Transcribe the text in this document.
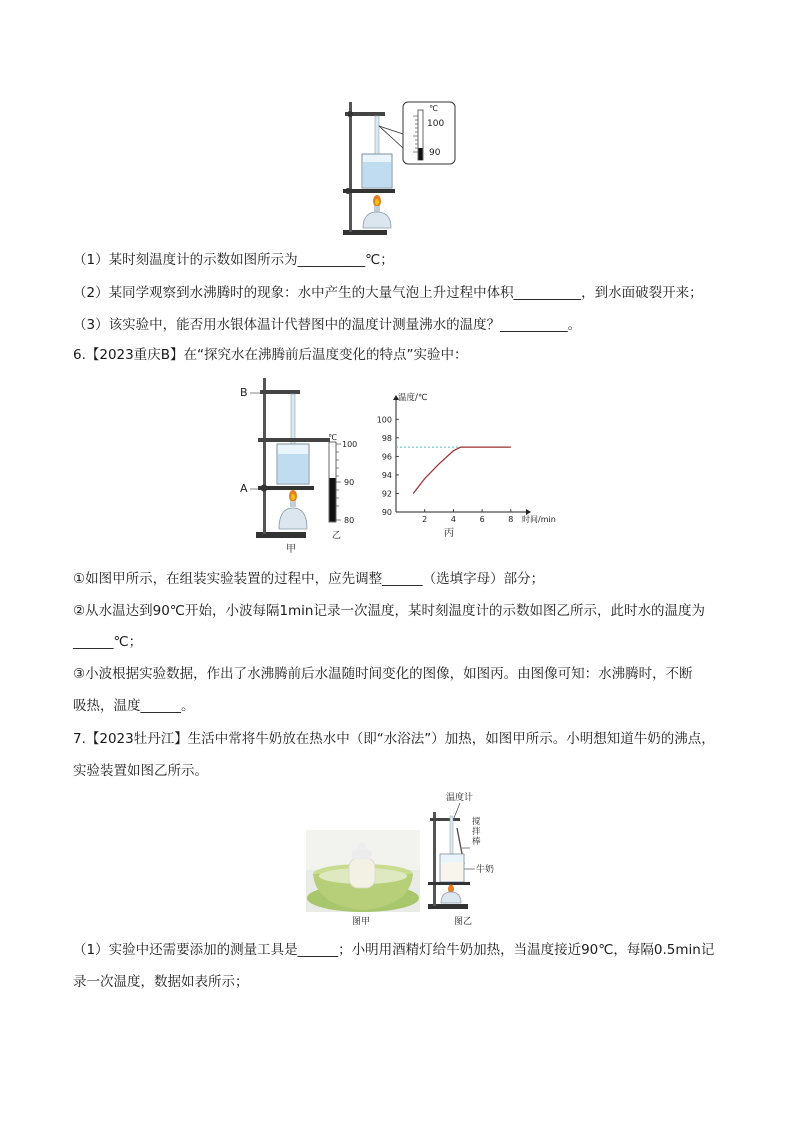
℃
100
90
（1）某时刻温度计的示数如图所示为__________℃；
（2）某同学观察到水沸腾时的现象：水中产生的大量气泡上升过程中体积__________，到水面破裂开来；
（3）该实验中，能否用水银体温计代替图中的温度计测量沸水的温度？__________。
6.【2023重庆B】在“探究水在沸腾前后温度变化的特点”实验中：
B
A
甲
℃
100
90
80
乙
90
92
94
96
98
100
2	4	6	8
温度/℃
时间/min
丙
①如图甲所示，在组装实验装置的过程中，应先调整______（选填字母）部分；
②从水温达到90℃开始，小波每隔1min记录一次温度，某时刻温度计的示数如图乙所示，此时水的温度为
______℃；
③小波根据实验数据，作出了水沸腾前后水温随时间变化的图像，如图丙。由图像可知：水沸腾时，不断
吸热，温度______。
7.【2023牡丹江】生活中常将牛奶放在热水中（即“水浴法”）加热，如图甲所示。小明想知道牛奶的沸点，
实验装置如图乙所示。
图甲
温度计
搅
拌
棒
牛奶
图乙
（1）实验中还需要添加的测量工具是______；小明用酒精灯给牛奶加热，当温度接近90℃，每隔0.5min记
录一次温度，数据如表所示；
